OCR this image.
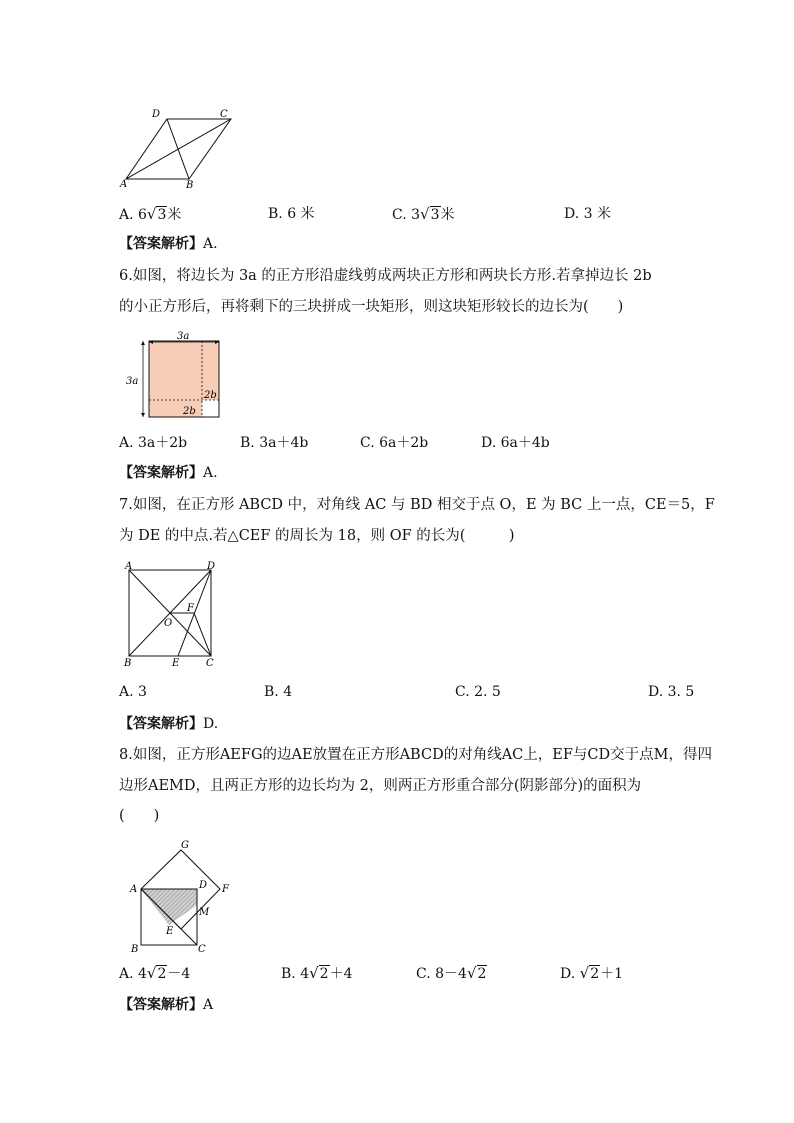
A	B
C
D
A. 6√3米	B. 6 米	C. 3√3米	D. 3 米
【答案解析】A.
6.如图，将边长为 3a 的正方形沿虚线剪成两块正方形和两块长方形.若拿掉边长 2b
的小正方形后，再将剩下的三块拼成一块矩形，则这块矩形较长的边长为(　　)
3a
3a
2b
2b
A. 3a＋2b	B. 3a＋4b	C. 6a＋2b	D. 6a＋4b
【答案解析】A.
7.如图，在正方形 ABCD 中，对角线 AC 与 BD 相交于点 O，E 为 BC 上一点，CE＝5，F
为 DE 的中点.若△CEF 的周长为 18，则 OF 的长为(　　　)
A
B	C
D
E
F
O
A. 3	B. 4	C. 2. 5	D. 3. 5
【答案解析】D.
8.如图，正方形AEFG的边AE放置在正方形ABCD的对角线AC上，EF与CD交于点M，得四
边形AEMD，且两正方形的边长均为 2，则两正方形重合部分(阴影部分)的面积为
(　　)
G
A	D F
M
E
B	C
A. 4√2－4	B. 4√2＋4	C. 8－4√2	D. √2＋1
【答案解析】A
